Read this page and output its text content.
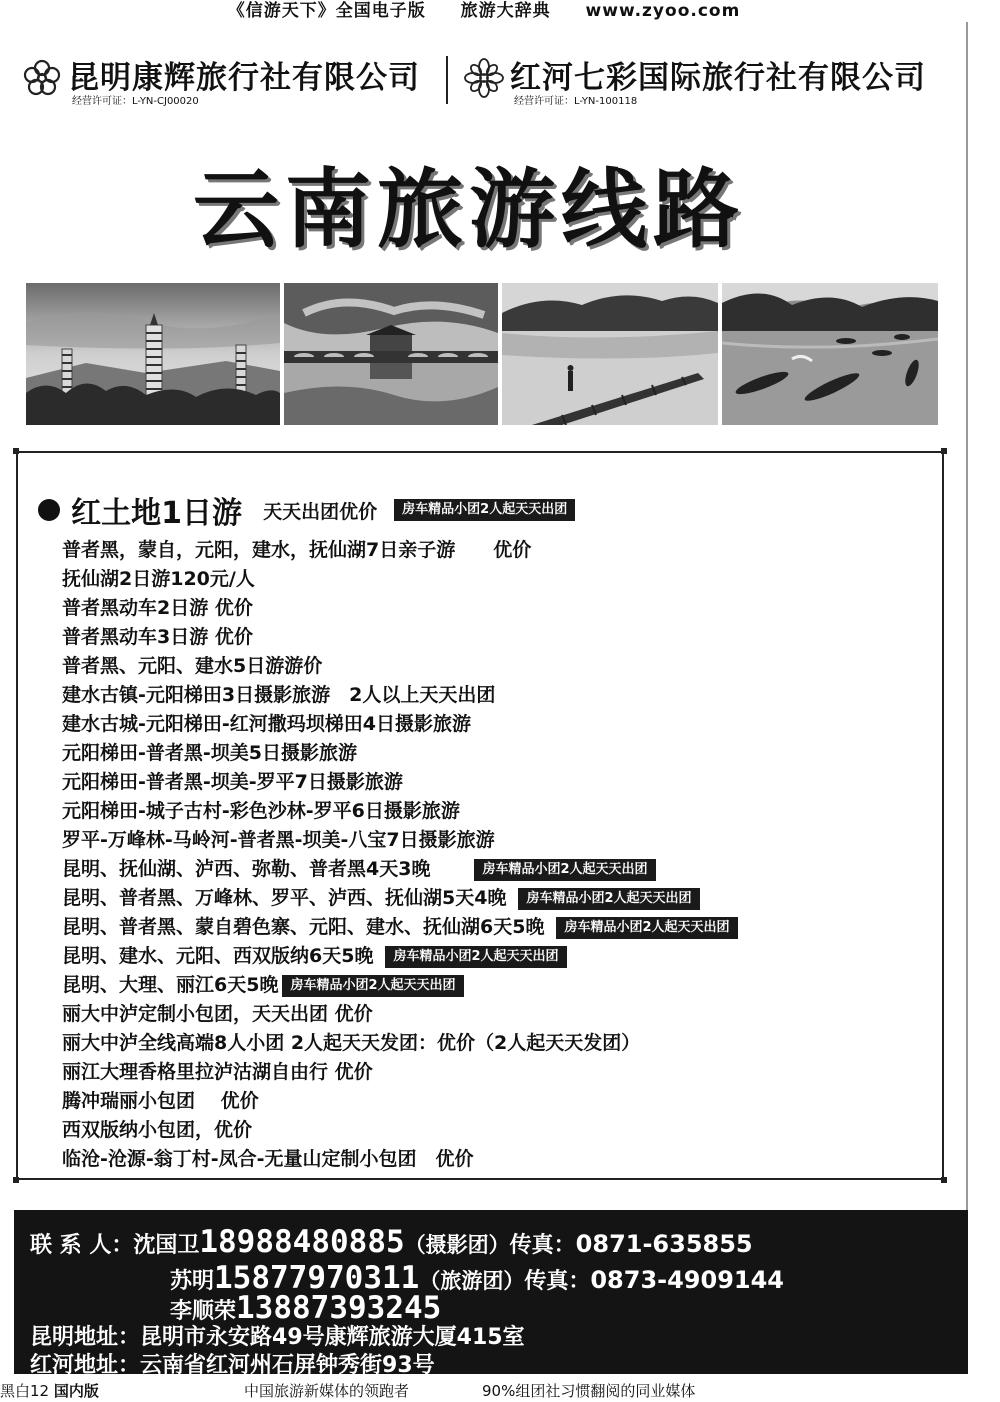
《信游天下》全国电子版 旅游大辞典 www.zyoo.com
昆明康辉旅行社有限公司
经营许可证：L-YN-CJ00020
红河七彩国际旅行社有限公司
经营许可证：L-YN-100118
云南旅游线路
红土地1日游 天天出团优价 房车精品小团2人起天天出团
普者黑，蒙自，元阳，建水，抚仙湖7日亲子游　　优价
抚仙湖2日游120元/人
普者黑动车2日游 优价
普者黑动车3日游 优价
普者黑、元阳、建水5日游游价
建水古镇-元阳梯田3日摄影旅游　2人以上天天出团
建水古城-元阳梯田-红河撒玛坝梯田4日摄影旅游
元阳梯田-普者黑-坝美5日摄影旅游
元阳梯田-普者黑-坝美-罗平7日摄影旅游
元阳梯田-城子古村-彩色沙林-罗平6日摄影旅游
罗平-万峰林-马岭河-普者黑-坝美-八宝7日摄影旅游
昆明、抚仙湖、泸西、弥勒、普者黑4天3晚	房车精品小团2人起天天出团
昆明、普者黑、万峰林、罗平、泸西、抚仙湖5天4晚 房车精品小团2人起天天出团
昆明、普者黑、蒙自碧色寨、元阳、建水、抚仙湖6天5晚 房车精品小团2人起天天出团
昆明、建水、元阳、西双版纳6天5晚 房车精品小团2人起天天出团
昆明、大理、丽江6天5晚 房车精品小团2人起天天出团
丽大中泸定制小包团，天天出团 优价
丽大中泸全线高端8人小团 2人起天天发团：优价（2人起天天发团）
丽江大理香格里拉泸沽湖自由行 优价
腾冲瑞丽小包团　 优价
西双版纳小包团，优价
临沧-沧源-翁丁村-凤合-无量山定制小包团　优价
联 系 人：沈国卫18988480885（摄影团）传真：0871-635855
苏明15877970311（旅游团）传真：0873-4909144
李顺荣13887393245
昆明地址：昆明市永安路49号康辉旅游大厦415室
红河地址：云南省红河州石屏钟秀街93号
黑白12 国内版	中国旅游新媒体的领跑者	90%组团社习惯翻阅的同业媒体
